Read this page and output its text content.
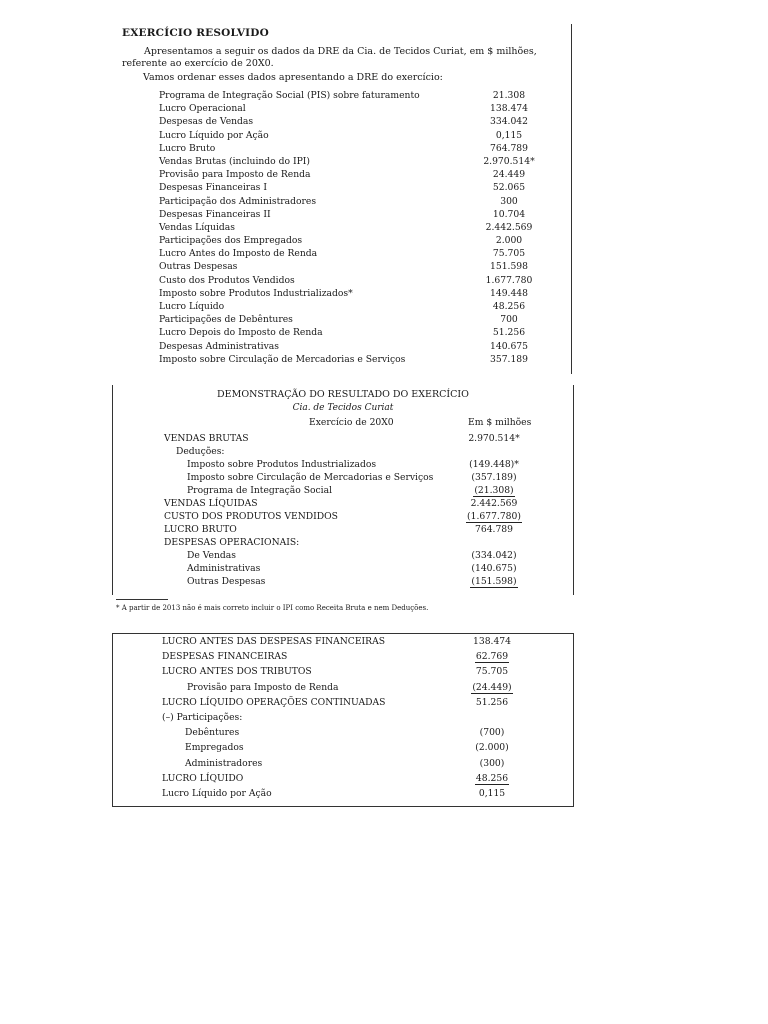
EXERCÍCIO RESOLVIDO
Apresentamos a seguir os dados da DRE da Cia. de Tecidos Curiat, em $ milhões, referente ao exercício de 20X0.
Vamos ordenar esses dados apresentando a DRE do exercício:
Programa de Integração Social (PIS) sobre faturamento	21.308
Lucro Operacional	138.474
Despesas de Vendas	334.042
Lucro Líquido por Ação	0,115
Lucro Bruto	764.789
Vendas Brutas (incluindo do IPI)	2.970.514*
Provisão para Imposto de Renda	24.449
Despesas Financeiras I	52.065
Participação dos Administradores	300
Despesas Financeiras II	10.704
Vendas Líquidas	2.442.569
Participações dos Empregados	2.000
Lucro Antes do Imposto de Renda	75.705
Outras Despesas	151.598
Custo dos Produtos Vendidos	1.677.780
Imposto sobre Produtos Industrializados*	149.448
Lucro Líquido	48.256
Participações de Debêntures	700
Lucro Depois do Imposto de Renda	51.256
Despesas Administrativas	140.675
Imposto sobre Circulação de Mercadorias e Serviços	357.189
DEMONSTRAÇÃO DO RESULTADO DO EXERCÍCIO
Cia. de Tecidos Curiat
Exercício de 20X0	Em $ milhões
VENDAS BRUTAS	2.970.514*
Deduções:
Imposto sobre Produtos Industrializados	(149.448)*
Imposto sobre Circulação de Mercadorias e Serviços	(357.189)
Programa de Integração Social	(21.308)
VENDAS LÍQUIDAS	2.442.569
CUSTO DOS PRODUTOS VENDIDOS	(1.677.780)
LUCRO BRUTO	764.789
DESPESAS OPERACIONAIS:
De Vendas	(334.042)
Administrativas	(140.675)
Outras Despesas	(151.598)
* A partir de 2013 não é mais correto incluir o IPI como Receita Bruta e nem Deduções.
LUCRO ANTES DAS DESPESAS FINANCEIRAS	138.474
DESPESAS FINANCEIRAS	62.769
LUCRO ANTES DOS TRIBUTOS	75.705
Provisão para Imposto de Renda	(24.449)
LUCRO LÍQUIDO OPERAÇÕES CONTINUADAS	51.256
(–) Participações:
Debêntures	(700)
Empregados	(2.000)
Administradores	(300)
LUCRO LÍQUIDO	48.256
Lucro Líquido por Ação	0,115
